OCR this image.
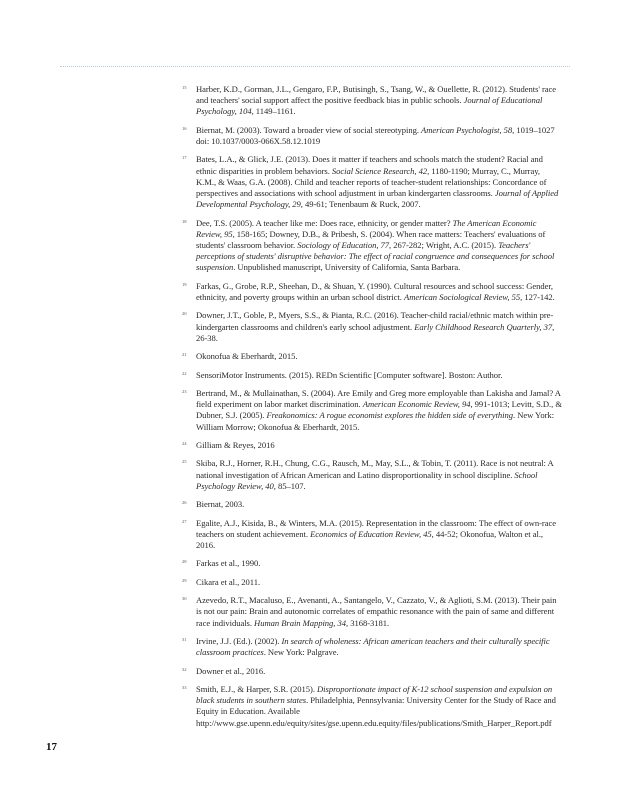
15 Harber, K.D., Gorman, J.L., Gengaro, F.P., Butisingh, S., Tsang, W., & Ouellette, R. (2012). Students' race and teachers' social support affect the positive feedback bias in public schools. Journal of Educational Psychology, 104, 1149–1161.
16 Biernat, M. (2003). Toward a broader view of social stereotyping. American Psychologist, 58, 1019–1027 doi: 10.1037/0003-066X.58.12.1019
17 Bates, L.A., & Glick, J.E. (2013). Does it matter if teachers and schools match the student? Racial and ethnic disparities in problem behaviors. Social Science Research, 42, 1180-1190; Murray, C., Murray, K.M., & Waas, G.A. (2008). Child and teacher reports of teacher-student relationships: Concordance of perspectives and associations with school adjustment in urban kindergarten classrooms. Journal of Applied Developmental Psychology, 29, 49-61; Tenenbaum & Ruck, 2007.
18 Dee, T.S. (2005). A teacher like me: Does race, ethnicity, or gender matter? The American Economic Review, 95, 158-165; Downey, D.B., & Pribesh, S. (2004). When race matters: Teachers' evaluations of students' classroom behavior. Sociology of Education, 77, 267-282; Wright, A.C. (2015). Teachers' perceptions of students' disruptive behavior: The effect of racial congruence and consequences for school suspension. Unpublished manuscript, University of California, Santa Barbara.
19 Farkas, G., Grobe, R.P., Sheehan, D., & Shuan, Y. (1990). Cultural resources and school success: Gender, ethnicity, and poverty groups within an urban school district. American Sociological Review, 55, 127-142.
20 Downer, J.T., Goble, P., Myers, S.S., & Pianta, R.C. (2016). Teacher-child racial/ethnic match within pre-kindergarten classrooms and children's early school adjustment. Early Childhood Research Quarterly, 37, 26-38.
21 Okonofua & Eberhardt, 2015.
22 SensoriMotor Instruments. (2015). REDn Scientific [Computer software]. Boston: Author.
23 Bertrand, M., & Mullainathan, S. (2004). Are Emily and Greg more employable than Lakisha and Jamal? A field experiment on labor market discrimination. American Economic Review, 94, 991-1013; Levitt, S.D., & Dubner, S.J. (2005). Freakonomics: A rogue economist explores the hidden side of everything. New York: William Morrow; Okonofua & Eberhardt, 2015.
24 Gilliam & Reyes, 2016
25 Skiba, R.J., Horner, R.H., Chung, C.G., Rausch, M., May, S.L., & Tobin, T. (2011). Race is not neutral: A national investigation of African American and Latino disproportionality in school discipline. School Psychology Review, 40, 85–107.
26 Biernat, 2003.
27 Egalite, A.J., Kisida, B., & Winters, M.A. (2015). Representation in the classroom: The effect of own-race teachers on student achievement. Economics of Education Review, 45, 44-52; Okonofua, Walton et al., 2016.
28 Farkas et al., 1990.
29 Cikara et al., 2011.
30 Azevedo, R.T., Macaluso, E., Avenanti, A., Santangelo, V., Cazzato, V., & Aglioti, S.M. (2013). Their pain is not our pain: Brain and autonomic correlates of empathic resonance with the pain of same and different race individuals. Human Brain Mapping, 34, 3168-3181.
31 Irvine, J.J. (Ed.). (2002). In search of wholeness: African american teachers and their culturally specific classroom practices. New York: Palgrave.
32 Downer et al., 2016.
33 Smith, E.J., & Harper, S.R. (2015). Disproportionate impact of K-12 school suspension and expulsion on black students in southern states. Philadelphia, Pennsylvania: University Center for the Study of Race and Equity in Education. Available http://www.gse.upenn.edu/equity/sites/gse.upenn.edu.equity/files/publications/Smith_Harper_Report.pdf
17
